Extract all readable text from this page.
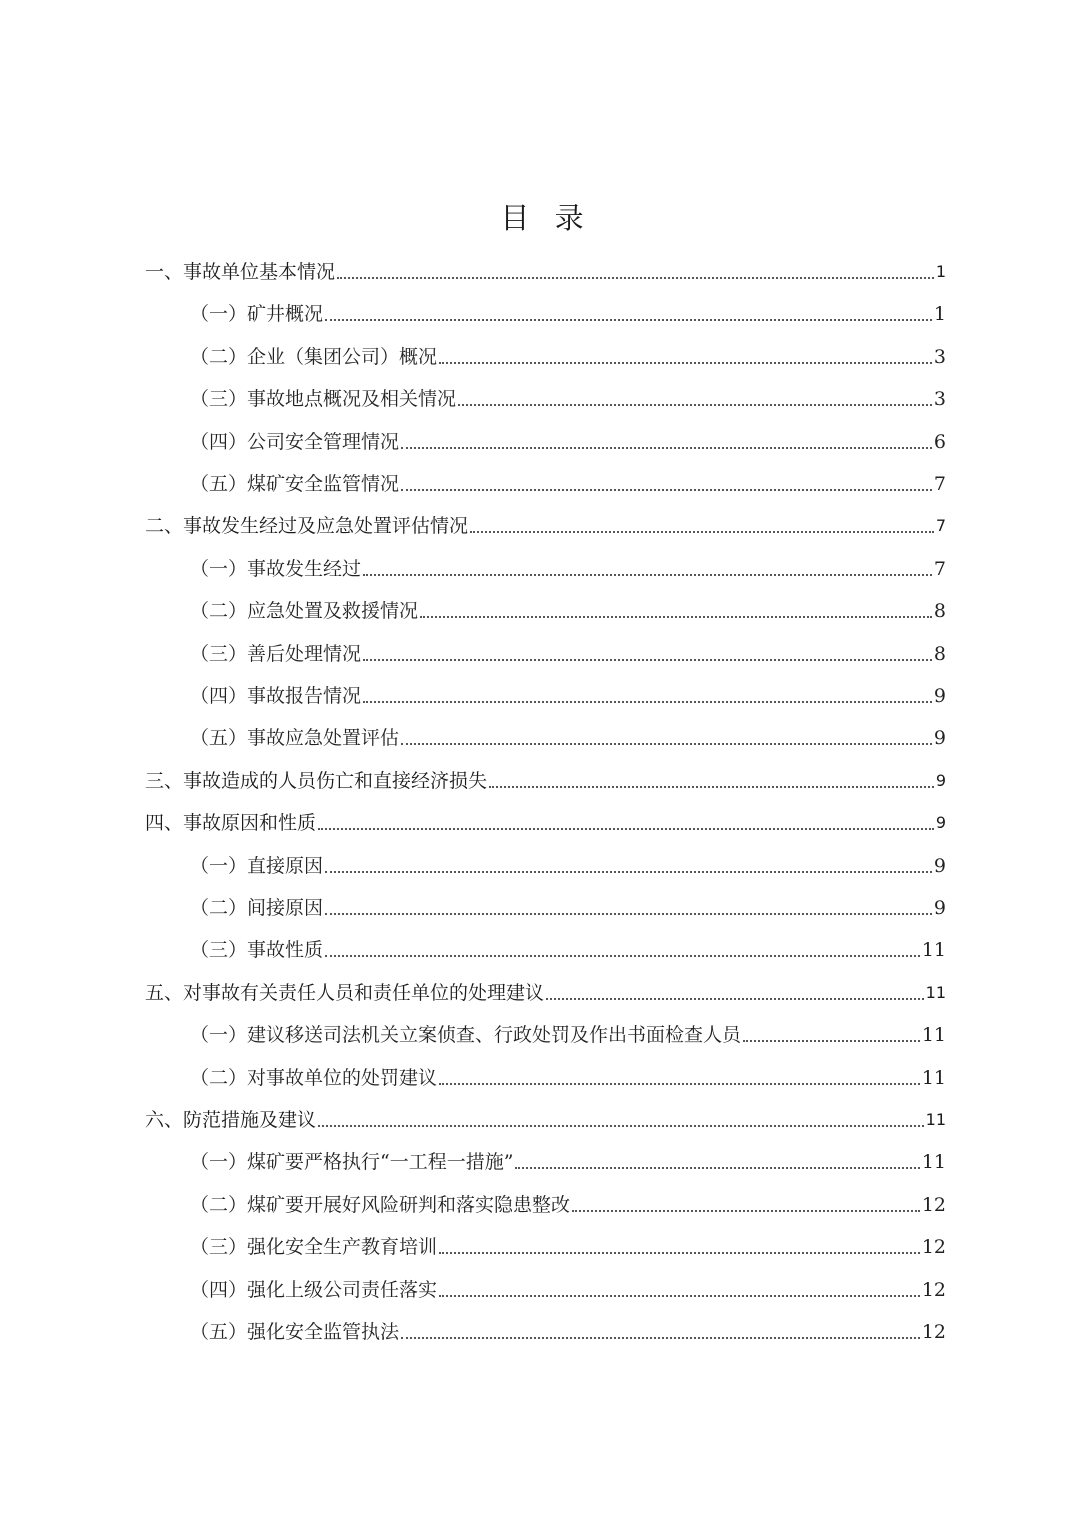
目 录
一、事故单位基本情况	1
（一）矿井概况	1
（二）企业（集团公司）概况	3
（三）事故地点概况及相关情况	3
（四）公司安全管理情况	6
（五）煤矿安全监管情况	7
二、事故发生经过及应急处置评估情况	7
（一）事故发生经过	7
（二）应急处置及救援情况	8
（三）善后处理情况	8
（四）事故报告情况	9
（五）事故应急处置评估	9
三、事故造成的人员伤亡和直接经济损失	9
四、事故原因和性质	9
（一）直接原因	9
（二）间接原因	9
（三）事故性质	11
五、对事故有关责任人员和责任单位的处理建议	11
（一）建议移送司法机关立案侦查、行政处罚及作出书面检查人员	11
（二）对事故单位的处罚建议	11
六、防范措施及建议	11
（一）煤矿要严格执行“一工程一措施”	11
（二）煤矿要开展好风险研判和落实隐患整改	12
（三）强化安全生产教育培训	12
（四）强化上级公司责任落实	12
（五）强化安全监管执法	12
